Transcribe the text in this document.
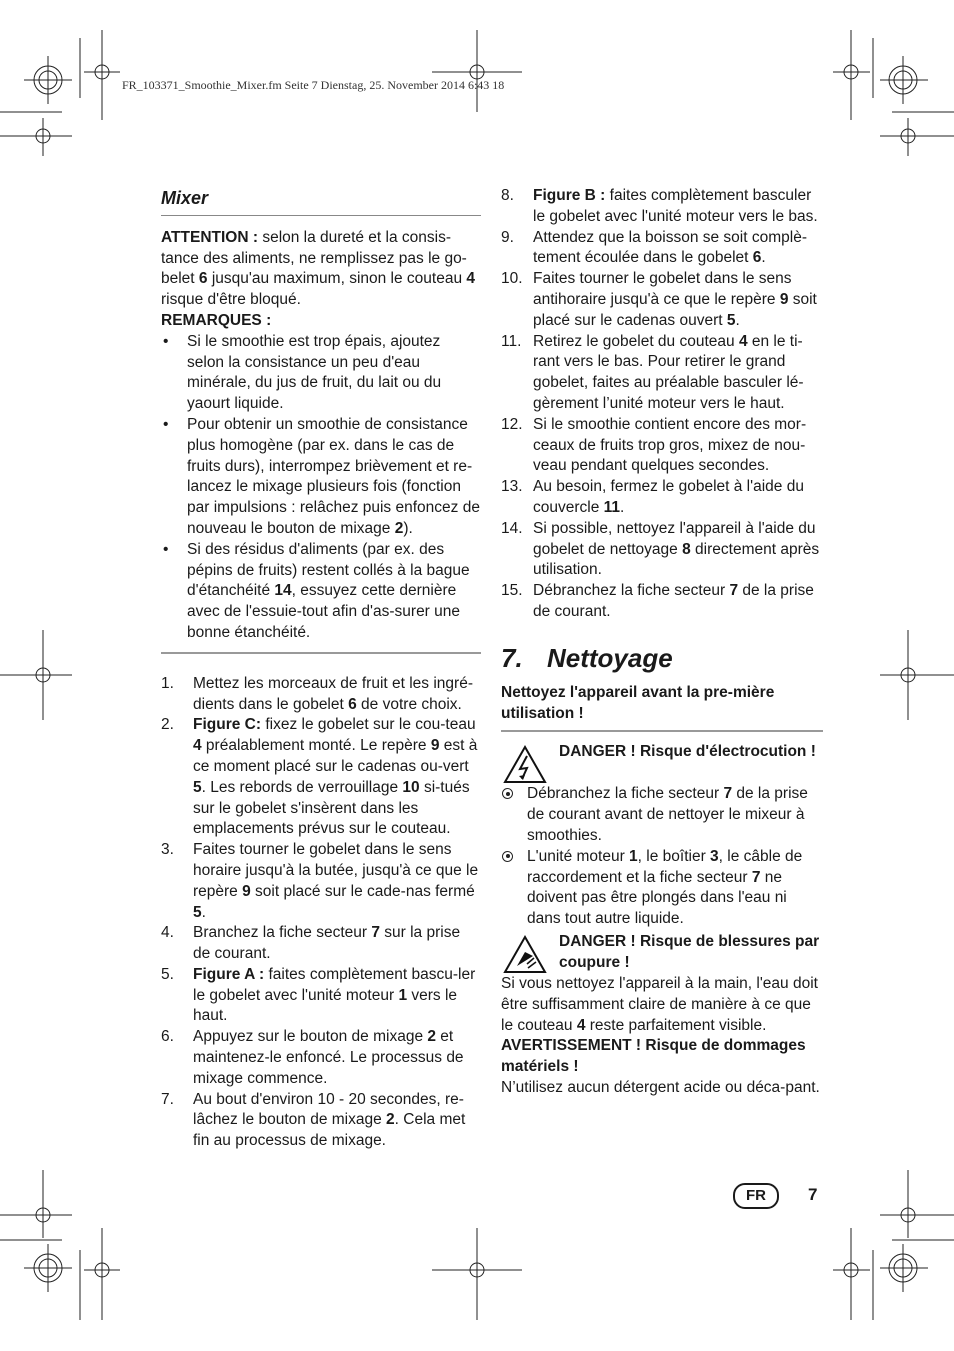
FR_103371_Smoothie_Mixer.fm Seite 7 Dienstag, 25. November 2014 6:43 18

Mixer

ATTENTION : selon la dureté et la consis-tance des aliments, ne remplissez pas le go-belet 6 jusqu'au maximum, sinon le couteau 4 risque d'être bloqué.

REMARQUES :

• Si le smoothie est trop épais, ajoutez selon la consistance un peu d'eau minérale, du jus de fruit, du lait ou du yaourt liquide.
• Pour obtenir un smoothie de consistance plus homogène (par ex. dans le cas de fruits durs), interrompez brièvement et re-lancez le mixage plusieurs fois (fonction par impulsions : relâchez puis enfoncez de nouveau le bouton de mixage 2).
• Si des résidus d'aliments (par ex. des pépins de fruits) restent collés à la bague d'étanchéité 14, essuyez cette dernière avec de l'essuie-tout afin d'as-surer une bonne étanchéité.
1. Mettez les morceaux de fruit et les ingré-dients dans le gobelet 6 de votre choix.
2. Figure C: fixez le gobelet sur le cou-teau 4 préalablement monté. Le repère 9 est à ce moment placé sur le cadenas ou-vert 5. Les rebords de verrouillage 10 si-tués sur le gobelet s'insèrent dans les emplacements prévus sur le couteau.
3. Faites tourner le gobelet dans le sens horaire jusqu'à la butée, jusqu'à ce que le repère 9 soit placé sur le cade-nas fermé 5.
4. Branchez la fiche secteur 7 sur la prise de courant.
5. Figure A : faites complètement bascu-ler le gobelet avec l'unité moteur 1 vers le haut.
6. Appuyez sur le bouton de mixage 2 et maintenez-le enfoncé. Le processus de mixage commence.
7. Au bout d'environ 10 - 20 secondes, re-lâchez le bouton de mixage 2. Cela met fin au processus de mixage.
8. Figure B : faites complètement basculer le gobelet avec l'unité moteur vers le bas.
9. Attendez que la boisson se soit complè-tement écoulée dans le gobelet 6.
10. Faites tourner le gobelet dans le sens antihoraire jusqu'à ce que le repère 9 soit placé sur le cadenas ouvert 5.
11. Retirez le gobelet du couteau 4 en le ti-rant vers le bas. Pour retirer le grand gobelet, faites au préalable basculer lé-gèrement l’unité moteur vers le haut.
12. Si le smoothie contient encore des mor-ceaux de fruits trop gros, mixez de nou-veau pendant quelques secondes.
13. Au besoin, fermez le gobelet à l'aide du couvercle 11.
14. Si possible, nettoyez l'appareil à l'aide du gobelet de nettoyage 8 directement après utilisation.
15. Débranchez la fiche secteur 7 de la prise de courant.

7. Nettoyage

Nettoyez l'appareil avant la pre-mière utilisation !

DANGER ! Risque d'électrocution !
Débranchez la fiche secteur 7 de la prise de courant avant de nettoyer le mixeur à smoothies.
L'unité moteur 1, le boîtier 3, le câble de raccordement et la fiche secteur 7 ne doivent pas être plongés dans l'eau ni dans tout autre liquide.
DANGER ! Risque de blessures par coupure !

Si vous nettoyez l'appareil à la main, l'eau doit être suffisamment claire de manière à ce que le couteau 4 reste parfaitement visible.

AVERTISSEMENT ! Risque de dommages matériels !

N’utilisez aucun détergent acide ou déca-pant.

FR	7
